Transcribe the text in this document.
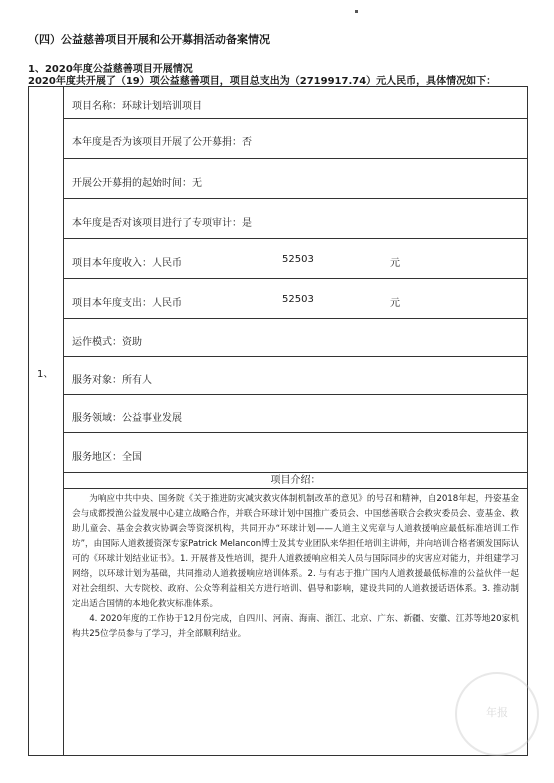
（四）公益慈善项目开展和公开募捐活动备案情况
1、2020年度公益慈善项目开展情况
2020年度共开展了（19）项公益慈善项目，项目总支出为（2719917.74）元人民币，具体情况如下：
1、
项目名称：环球计划培训项目
本年度是否为该项目开展了公开募捐：否
开展公开募捐的起始时间：无
本年度是否对该项目进行了专项审计：是
项目本年度收入：人民币	52503	元
项目本年度支出：人民币	52503	元
运作模式：资助
服务对象：所有人
服务领域：公益事业发展
服务地区：全国
项目介绍：

为响应中共中央、国务院《关于推进防灾减灾救灾体制机制改革的意见》的号召和精神，自2018年起，丹姿基金会与成都授渔公益发展中心建立战略合作，并联合环球计划中国推广委员会、中国慈善联合会救灾委员会、壹基金、救助儿童会、基金会救灾协调会等资深机构，共同开办“环球计划——人道主义宪章与人道救援响应最低标准培训工作坊”，由国际人道救援资深专家Patrick Melancon博士及其专业团队来华担任培训主讲师，并向培训合格者颁发国际认可的《环球计划结业证书》。1. 开展普及性培训，提升人道救援响应相关人员与国际同步的灾害应对能力，并组建学习网络，以环球计划为基础，共同推动人道救援响应培训体系。2. 与有志于推广国内人道救援最低标准的公益伙伴一起对社会组织、大专院校、政府、公众等利益相关方进行培训、倡导和影响，建设共同的人道救援话语体系。3. 推动制定出适合国情的本地化救灾标准体系。

4. 2020年度的工作协于12月份完成，自四川、河南、海南、浙江、北京、广东、新疆、安徽、江苏等地20家机构共25位学员参与了学习，并全部顺利结业。

年报
